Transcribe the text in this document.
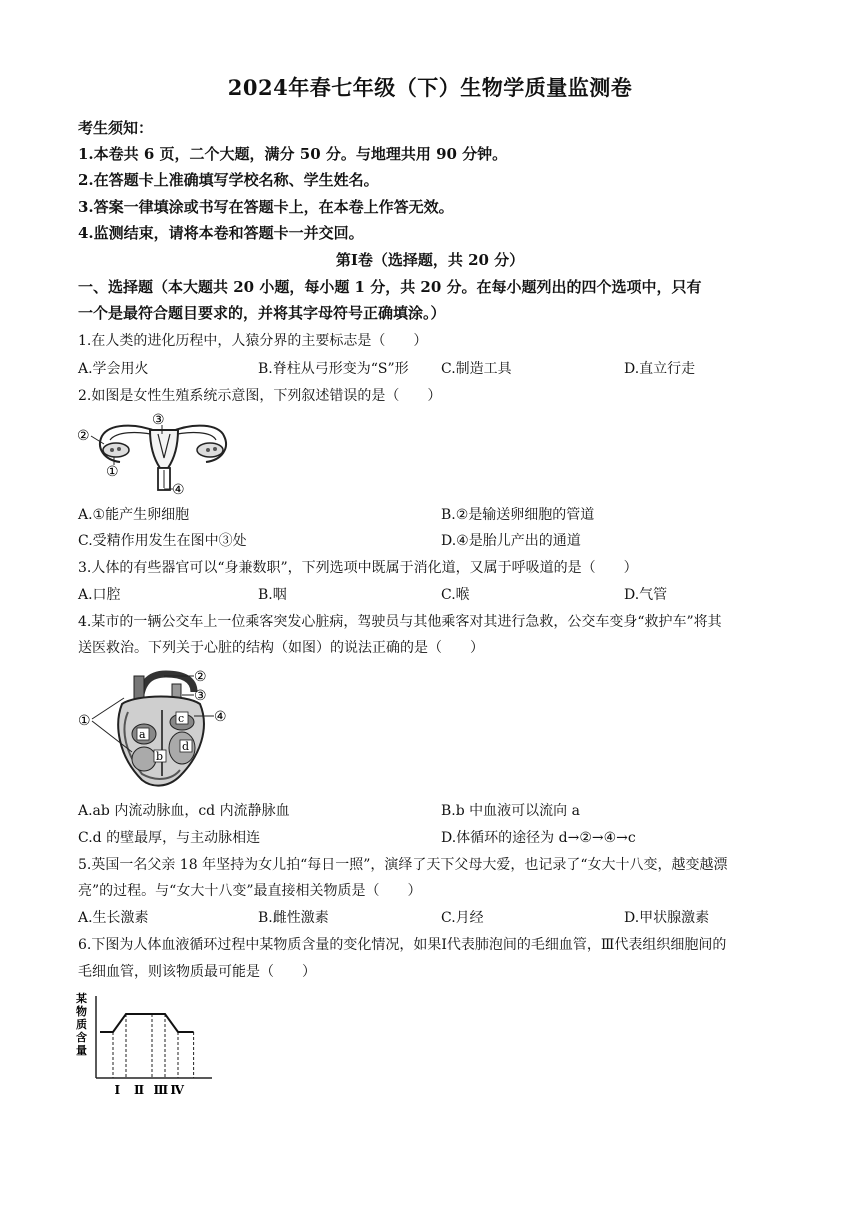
2024年春七年级（下）生物学质量监测卷
考生须知：
1.本卷共 6 页，二个大题，满分 50 分。与地理共用 90 分钟。
2.在答题卡上准确填写学校名称、学生姓名。
3.答案一律填涂或书写在答题卡上，在本卷上作答无效。
4.监测结束，请将本卷和答题卡一并交回。
第Ⅰ卷（选择题，共 20 分）
一、选择题（本大题共 20 小题，每小题 1 分，共 20 分。在每小题列出的四个选项中，只有
一个是最符合题目要求的，并将其字母符号正确填涂。）
1.在人类的进化历程中，人猿分界的主要标志是（　　）
A.学会用火	B.脊柱从弓形变为“S”形 C.制造工具	D.直立行走
2.如图是女性生殖系统示意图，下列叙述错误的是（　　）
②
③
①
④
A.①能产生卵细胞	B.②是输送卵细胞的管道
C.受精作用发生在图中③处	D.④是胎儿产出的通道
3.人体的有些器官可以“身兼数职”，下列选项中既属于消化道，又属于呼吸道的是（　　）
A.口腔	B.咽	C.喉	D.气管
4.某市的一辆公交车上一位乘客突发心脏病，驾驶员与其他乘客对其进行急救，公交车变身“救护车”将其
送医救治。下列关于心脏的结构（如图）的说法正确的是（　　）
a
b
c
d
②
③
④
①
A.ab 内流动脉血，cd 内流静脉血	B.b 中血液可以流向 a
C.d 的壁最厚，与主动脉相连	D.体循环的途径为 d→②→④→c
5.英国一名父亲 18 年坚持为女儿拍“每日一照”，演绎了天下父母大爱，也记录了“女大十八变，越变越漂
亮”的过程。与“女大十八变”最直接相关物质是（　　）
A.生长激素	B.雌性激素	C.月经	D.甲状腺激素
6.下图为人体血液循环过程中某物质含量的变化情况，如果Ⅰ代表肺泡间的毛细血管，Ⅲ代表组织细胞间的
毛细血管，则该物质最可能是（　　）
某
物
质
含
量
Ⅰ Ⅱ Ⅲ Ⅳ
